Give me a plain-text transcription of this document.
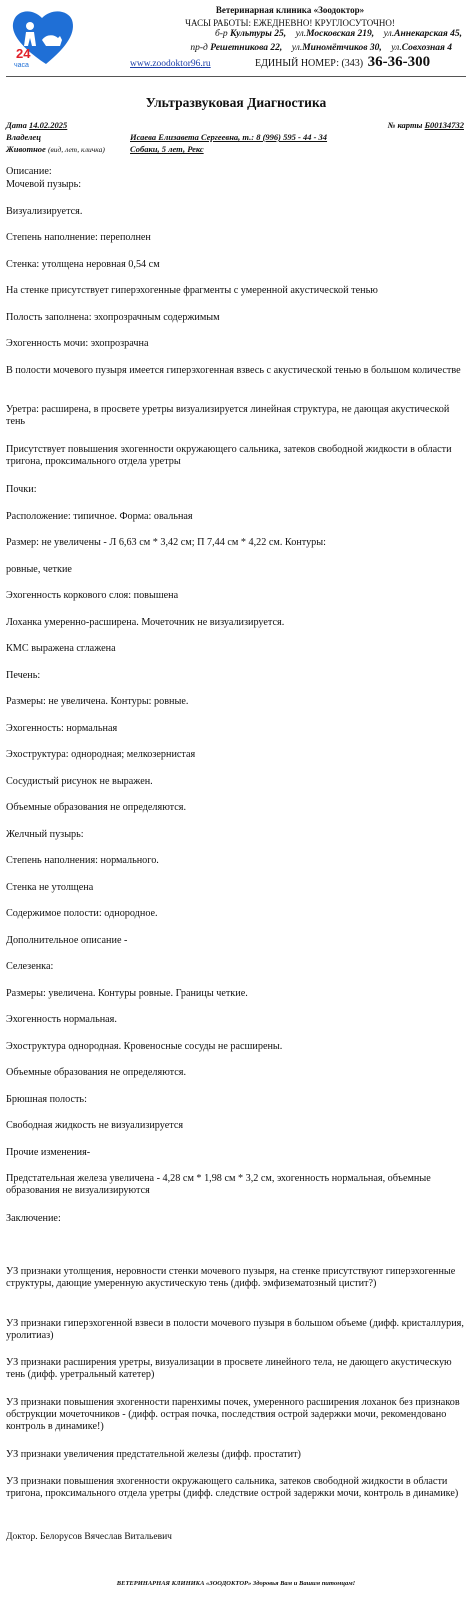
24
часа
Ветеринарная клиника «Зоодоктор»
ЧАСЫ РАБОТЫ: ЕЖЕДНЕВНО! КРУГЛОСУТОЧНО!
б-р Культуры 25, ул.Московская 219, ул.Аннекарская 45,
пр-д Решетникова 22, ул.Миномётчиков 30, ул.Совхозная 4
www.zoodoktor96.ru	ЕДИНЫЙ НОМЕР: (343) 36-36-300
Ультразвуковая Диагностика
Дата 14.02.2025	№ карты Б00134732
Владелец	Исаева Елизавета Сергеевна, т.: 8 (996) 595 - 44 - 34
Животное (вид, лет, кличка)	Собаки, 5 лет, Рекс
Описание:
Мочевой пузырь:
Визуализируется.
Степень наполнение: переполнен
Стенка: утолщена неровная 0,54 см
На стенке присутствует гиперэхогенные фрагменты с умеренной акустической тенью
Полость заполнена: эхопрозрачным содержимым
Эхогенность мочи: эхопрозрачна
В полости мочевого пузыря имеется гиперэхогенная взвесь с акустической тенью в большом количестве
Уретра: расширена, в просвете уретры визуализируется линейная структура, не дающая акустической тень
Присутствует повышения эхогенности окружающего сальника, затеков свободной жидкости в области тригона, проксимального отдела уретры
Почки:
Расположение: типичное. Форма: овальная
Размер: не увеличены - Л 6,63 см * 3,42 см; П 7,44 см * 4,22 см. Контуры:
ровные, четкие
Эхогенность коркового слоя: повышена
Лоханка умеренно-расширена. Мочеточник не визуализируется.
КМС выражена сглажена
Печень:
Размеры: не увеличена. Контуры: ровные.
Эхогенность: нормальная
Эхоструктура: однородная; мелкозернистая
Сосудистый рисунок не выражен.
Объемные образования не определяются.
Желчный пузырь:
Степень наполнения: нормального.
Стенка не утолщена
Содержимое полости: однородное.
Дополнительное описание -
Селезенка:
Размеры: увеличена. Контуры ровные. Границы четкие.
Эхогенность нормальная.
Эхоструктура однородная. Кровеносные сосуды не расширены.
Объемные образования не определяются.
Брюшная полость:
Свободная жидкость не визуализируется
Прочие изменения-
Предстательная железа увеличена - 4,28 см * 1,98 см * 3,2 см, эхогенность нормальная, объемные образования не визуализируются
Заключение:
УЗ признаки утолщения, неровности стенки мочевого пузыря, на стенке присутствуют гиперэхогенные структуры, дающие умеренную акустическую тень (дифф. эмфизематозный цистит?)
УЗ признаки гиперэхогенной взвеси в полости мочевого пузыря в большом объеме (дифф. кристаллурия, уролитиаз)
УЗ признаки расширения уретры, визуализации в просвете линейного тела, не дающего акустическую тень (дифф. уретральный катетер)
УЗ признаки повышения эхогенности паренхимы почек, умеренного расширения лоханок без признаков обструкции мочеточников - (дифф. острая почка, последствия острой задержки мочи, рекомендовано контроль в динамике!)
УЗ признаки увеличения предстательной железы (дифф. простатит)
УЗ признаки повышения эхогенности окружающего сальника, затеков свободной жидкости в области тригона, проксимального отдела уретры (дифф. следствие острой задержки мочи, контроль в динамике)
Доктор. Белорусов Вячеслав Витальевич
ВЕТЕРИНАРНАЯ КЛИНИКА «ЗООДОКТОР» Здоровья Вам и Вашим питомцам!
